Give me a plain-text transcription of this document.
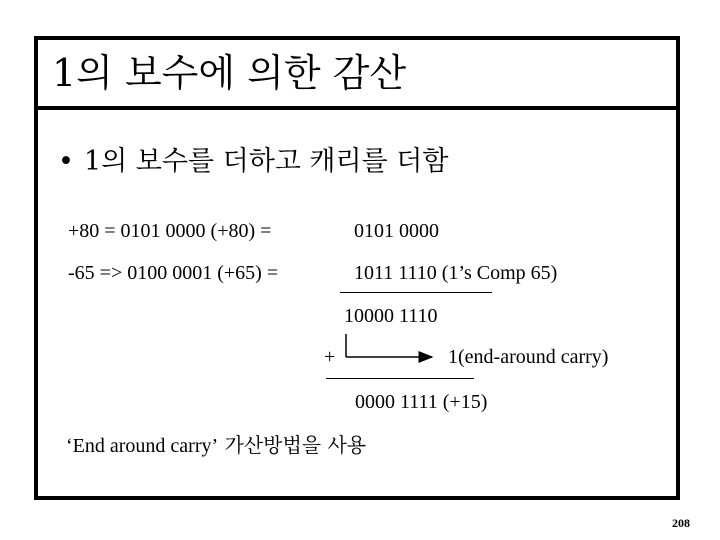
1의 보수에 의한 감산
• 1의 보수를 더하고 캐리를 더함
+80 = 0101 0000 (+80) =	0101 0000
-65 => 0100 0001 (+65) =	1011 1110 (1’s Comp 65)
10000 1110
+	1(end-around carry)
0000 1111 (+15)
‘End around carry’ 가산방법을 사용
208
